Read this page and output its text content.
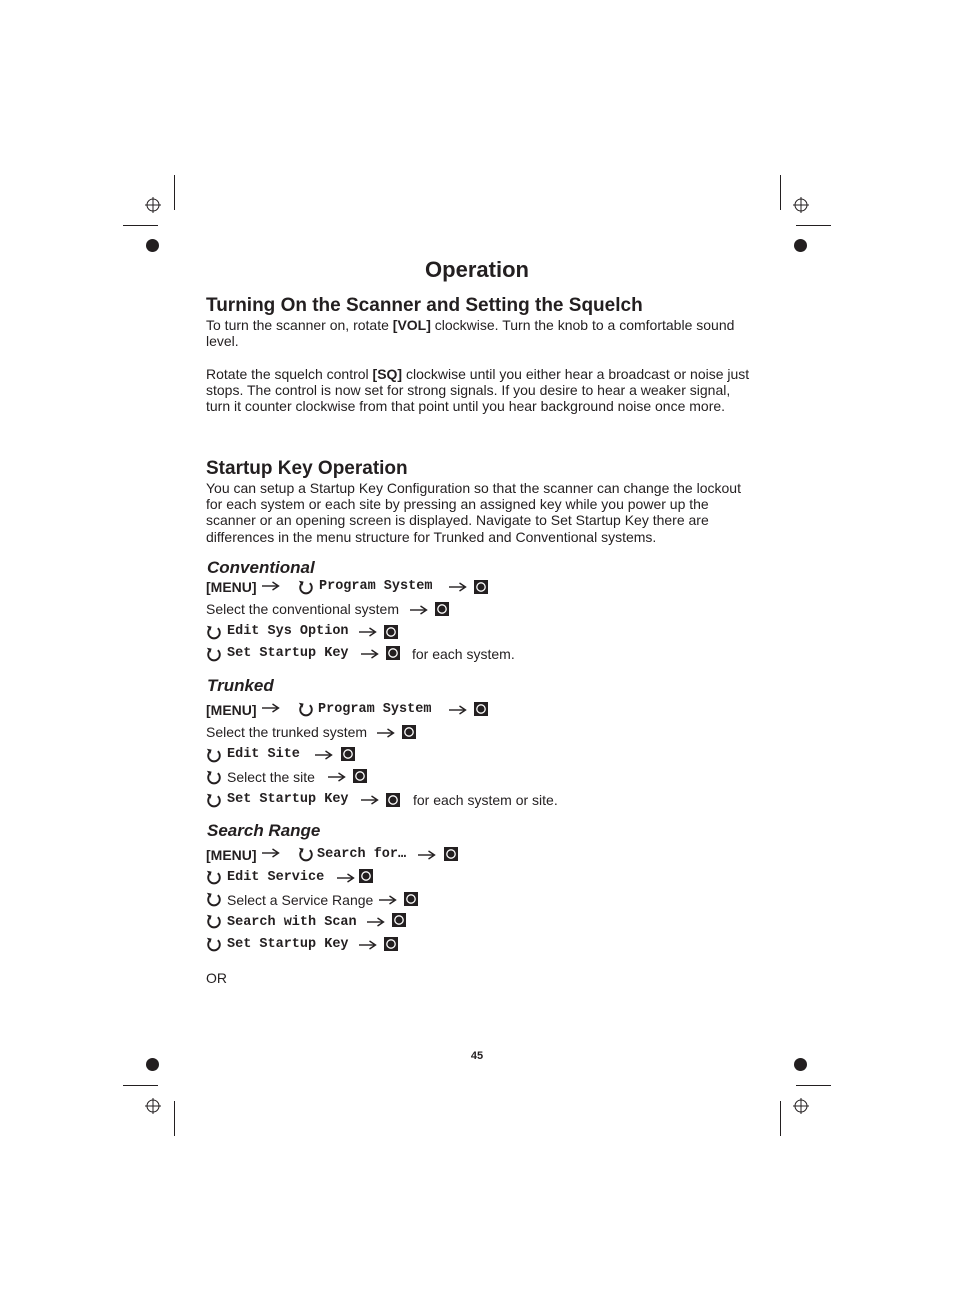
Operation
Turning On the Scanner and Setting the Squelch
To turn the scanner on, rotate [VOL] clockwise. Turn the knob to a comfortable sound level.
Rotate the squelch control [SQ] clockwise until you either hear a broadcast or noise just stops. The control is now set for strong signals. If you desire to hear a weaker signal, turn it counter clockwise from that point until you hear background noise once more.
Startup Key Operation
You can setup a Startup Key Configuration so that the scanner can change the lockout for each system or each site by pressing an assigned key while you power up the scanner or an opening screen is displayed. Navigate to Set Startup Key there are differences in the menu structure for Trunked and Conventional systems.
Conventional
[MENU]	Program System
Select the conventional system
Edit Sys Option
Set Startup Key	for each system.
Trunked
[MENU]	Program System
Select the trunked system
Edit Site
Select the site
Set Startup Key	for each system or site.
Search Range
[MENU]	Search for…
Edit Service
Select a Service Range
Search with Scan
Set Startup Key
OR
45
